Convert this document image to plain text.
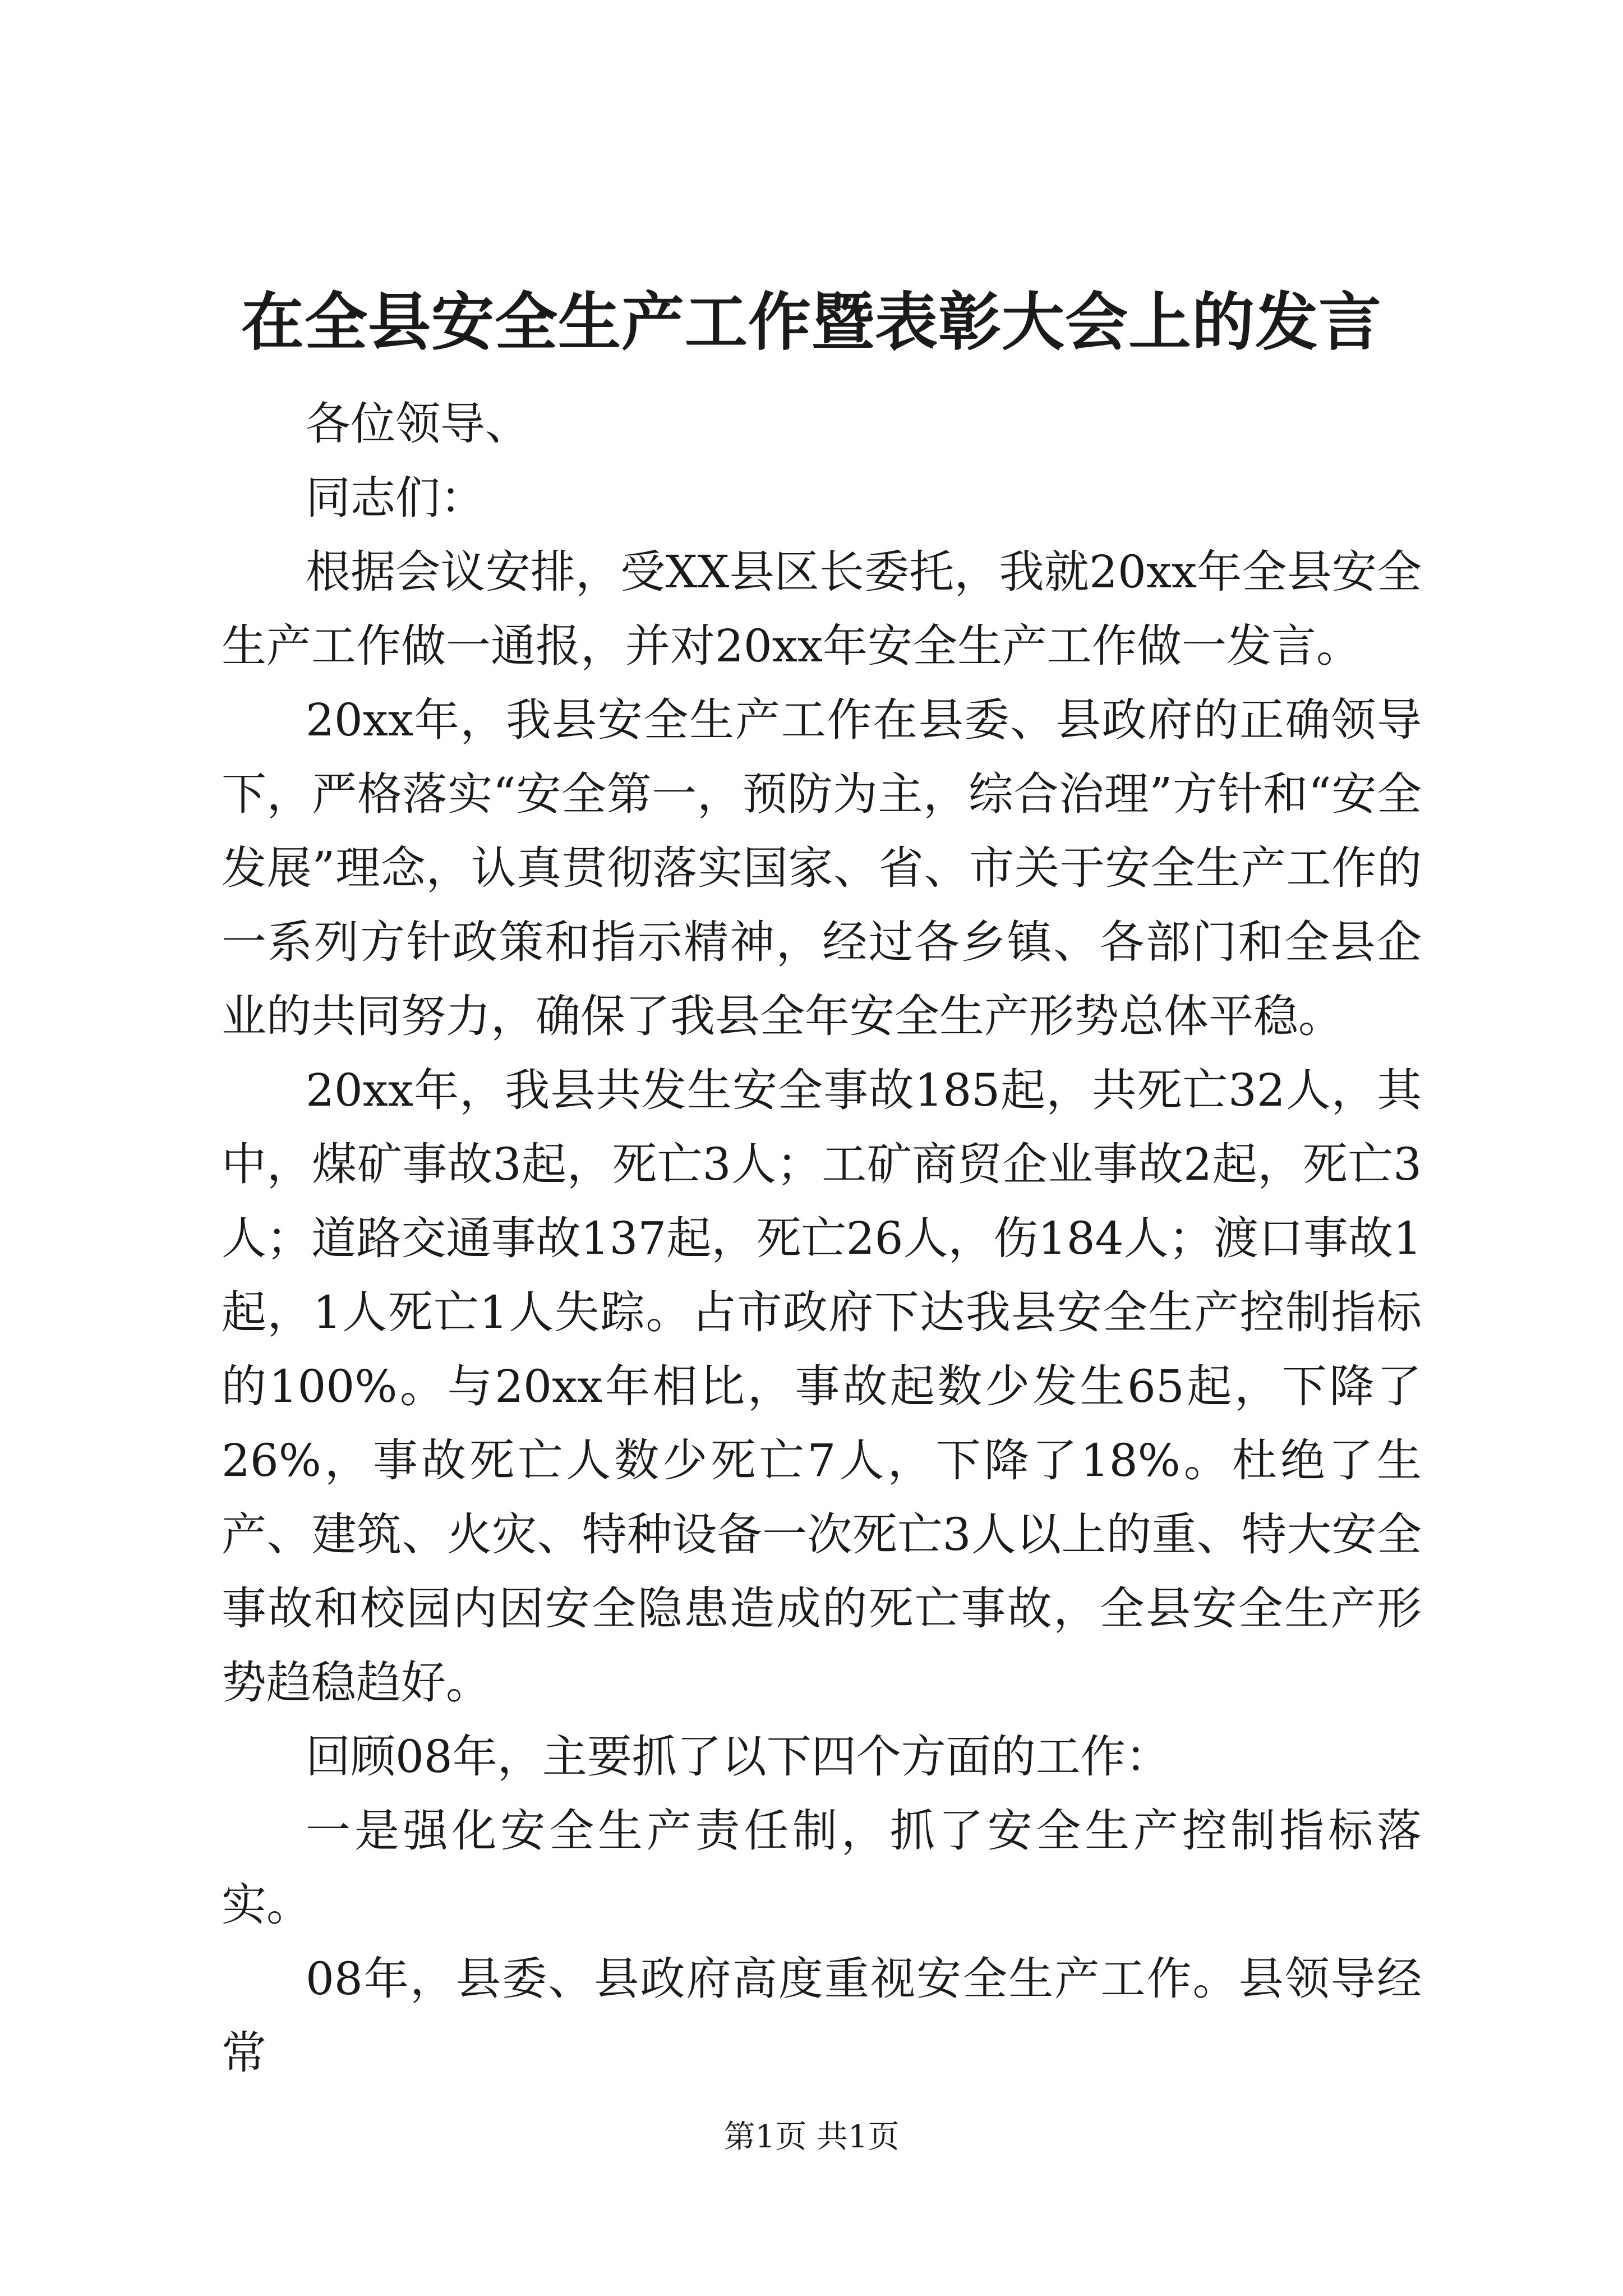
在全县安全生产工作暨表彰大会上的发言

各位领导、

同志们：

根据会议安排，受XX县区长委托，我就20xx年全县安全生产工作做一通报，并对20xx年安全生产工作做一发言。

20xx年，我县安全生产工作在县委、县政府的正确领导下，严格落实“安全第一，预防为主，综合治理”方针和“安全发展”理念，认真贯彻落实国家、省、市关于安全生产工作的一系列方针政策和指示精神，经过各乡镇、各部门和全县企业的共同努力，确保了我县全年安全生产形势总体平稳。

20xx年，我县共发生安全事故185起，共死亡32人，其中，煤矿事故3起，死亡3人；工矿商贸企业事故2起，死亡3人；道路交通事故137起，死亡26人，伤184人；渡口事故1起，1人死亡1人失踪。占市政府下达我县安全生产控制指标的100%。与20xx年相比，事故起数少发生65起，下降了26%，事故死亡人数少死亡7人，下降了18%。杜绝了生产、建筑、火灾、特种设备一次死亡3人以上的重、特大安全事故和校园内因安全隐患造成的死亡事故，全县安全生产形势趋稳趋好。

回顾08年，主要抓了以下四个方面的工作：

一是强化安全生产责任制，抓了安全生产控制指标落实。

08年，县委、县政府高度重视安全生产工作。县领导经常

第1页 共1页
